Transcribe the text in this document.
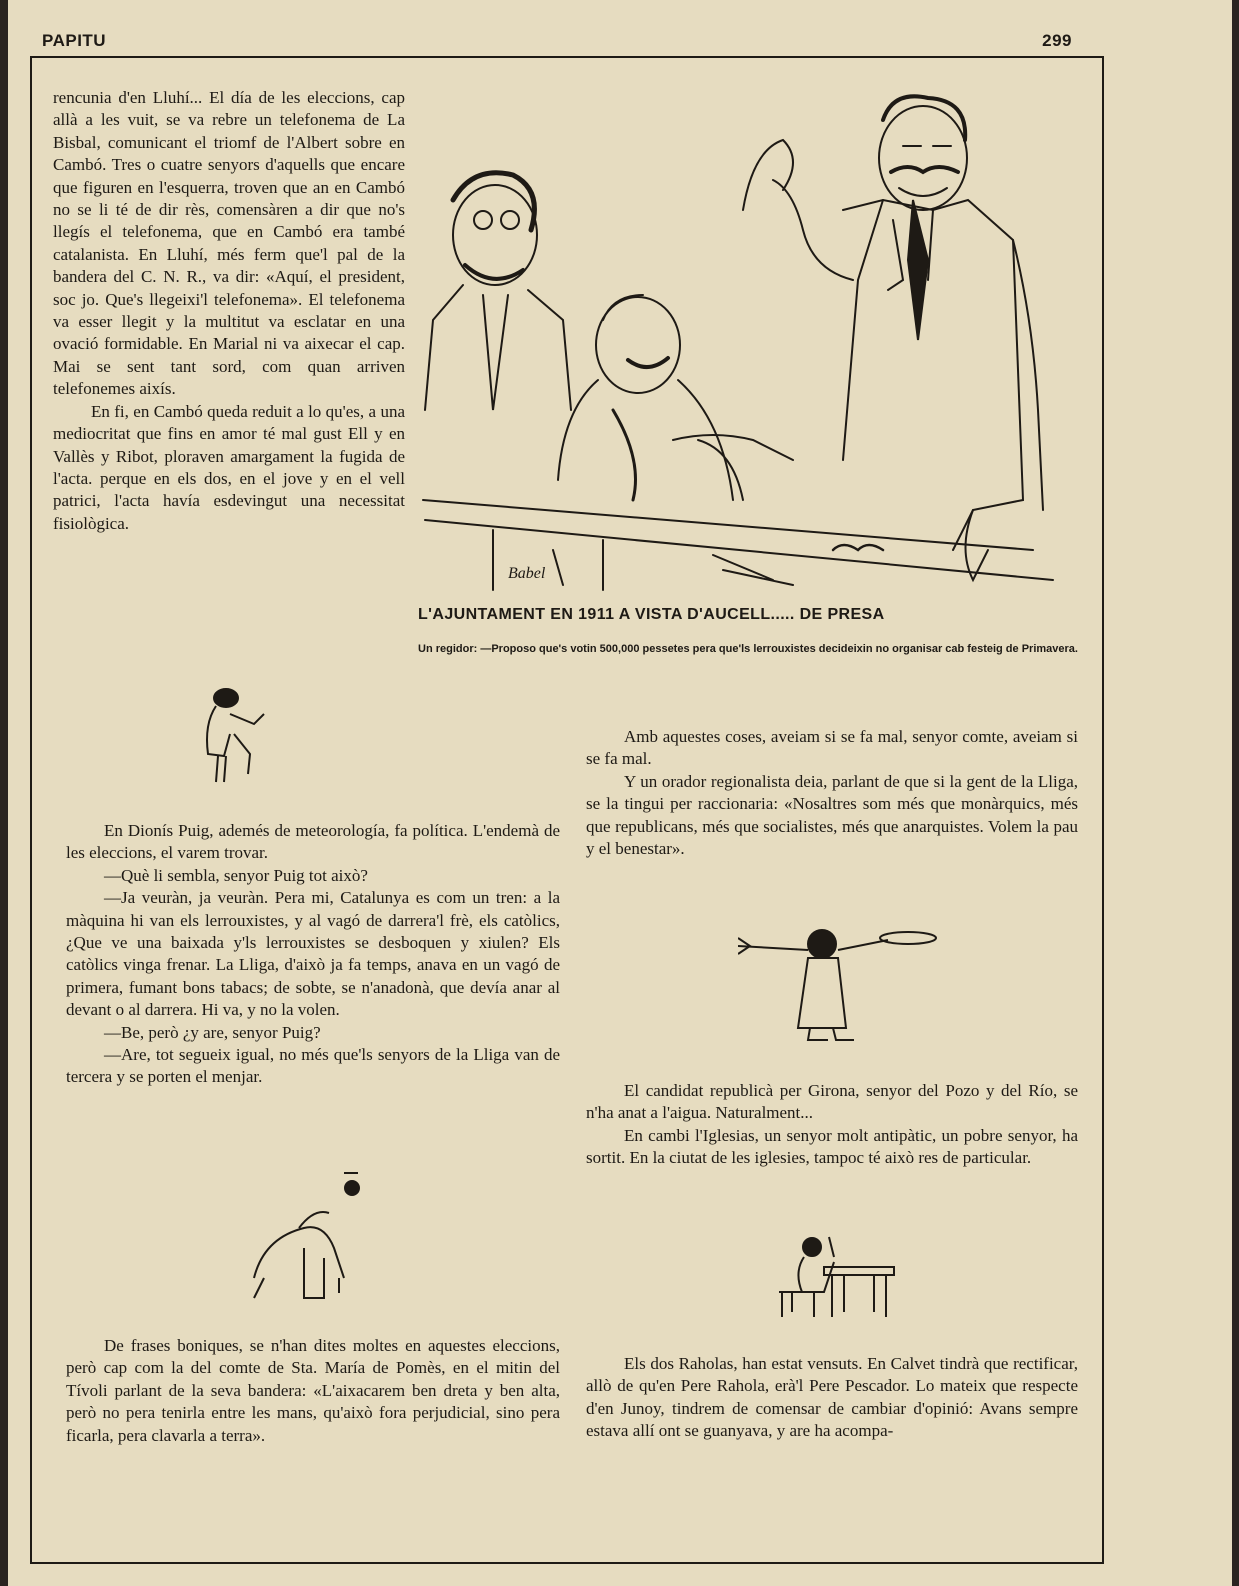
PAPITU	299

rencunia d'en Lluhí... El día de les eleccions, cap allà a les vuit, se va rebre un telefonema de La Bisbal, comunicant el triomf de l'Albert sobre en Cambó. Tres o cuatre senyors d'aquells que encare que figuren en l'esquerra, troven que an en Cambó no se li té de dir rès, comensàren a dir que no's llegís el telefonema, que en Cambó era també catalanista. En Lluhí, més ferm que'l pal de la bandera del C. N. R., va dir: «Aquí, el president, soc jo. Que's llegeixi'l telefonema». El telefonema va esser llegit y la multitut va esclatar en una ovació formidable. En Marial ni va aixecar el cap. Mai se sent tant sord, com quan arriven telefonemes aixís.

En fi, en Cambó queda reduit a lo qu'es, a una mediocritat que fins en amor té mal gust Ell y en Vallès y Ribot, ploraven amargament la fugida de l'acta. perque en els dos, en el jove y en el vell patrici, l'acta havía esdevingut una necessitat fisiològica.

Babel
L'AJUNTAMENT EN 1911 A VISTA D'AUCELL..... DE PRESA
Un regidor: —Proposo que's votin 500,000 pessetes pera que'ls lerrouxistes decideixin no organisar cab festeig de Primavera.

En Dionís Puig, ademés de meteorología, fa política. L'endemà de les eleccions, el varem trovar.

—Què li sembla, senyor Puig tot això?

—Ja veuràn, ja veuràn. Pera mi, Catalunya es com un tren: a la màquina hi van els lerrouxistes, y al vagó de darrera'l frè, els catòlics, ¿Que ve una baixada y'ls lerrouxistes se desboquen y xiulen? Els catòlics vinga frenar. La Lliga, d'això ja fa temps, anava en un vagó de primera, fumant bons tabacs; de sobte, se n'anadonà, que devía anar al devant o al darrera. Hi va, y no la volen.

—Be, però ¿y are, senyor Puig?

—Are, tot segueix igual, no més que'ls senyors de la Lliga van de tercera y se porten el menjar.

De frases boniques, se n'han dites moltes en aquestes eleccions, però cap com la del comte de Sta. María de Pomès, en el mitin del Tívoli parlant de la seva bandera: «L'aixacarem ben dreta y ben alta, però no pera tenirla entre les mans, qu'això fora perjudicial, sino pera ficarla, pera clavarla a terra».

Amb aquestes coses, aveiam si se fa mal, senyor comte, aveiam si se fa mal.

Y un orador regionalista deia, parlant de que si la gent de la Lliga, se la tingui per raccionaria: «Nosaltres som més que monàrquics, més que republicans, més que socialistes, més que anarquistes. Volem la pau y el benestar».

El candidat republicà per Girona, senyor del Pozo y del Río, se n'ha anat a l'aigua. Naturalment...

En cambi l'Iglesias, un senyor molt antipàtic, un pobre senyor, ha sortit. En la ciutat de les iglesies, tampoc té això res de particular.

Els dos Raholas, han estat vensuts. En Calvet tindrà que rectificar, allò de qu'en Pere Rahola, erà'l Pere Pescador. Lo mateix que respecte d'en Junoy, tindrem de comensar de cambiar d'opinió: Avans sempre estava allí ont se guanyava, y are ha acompa-
